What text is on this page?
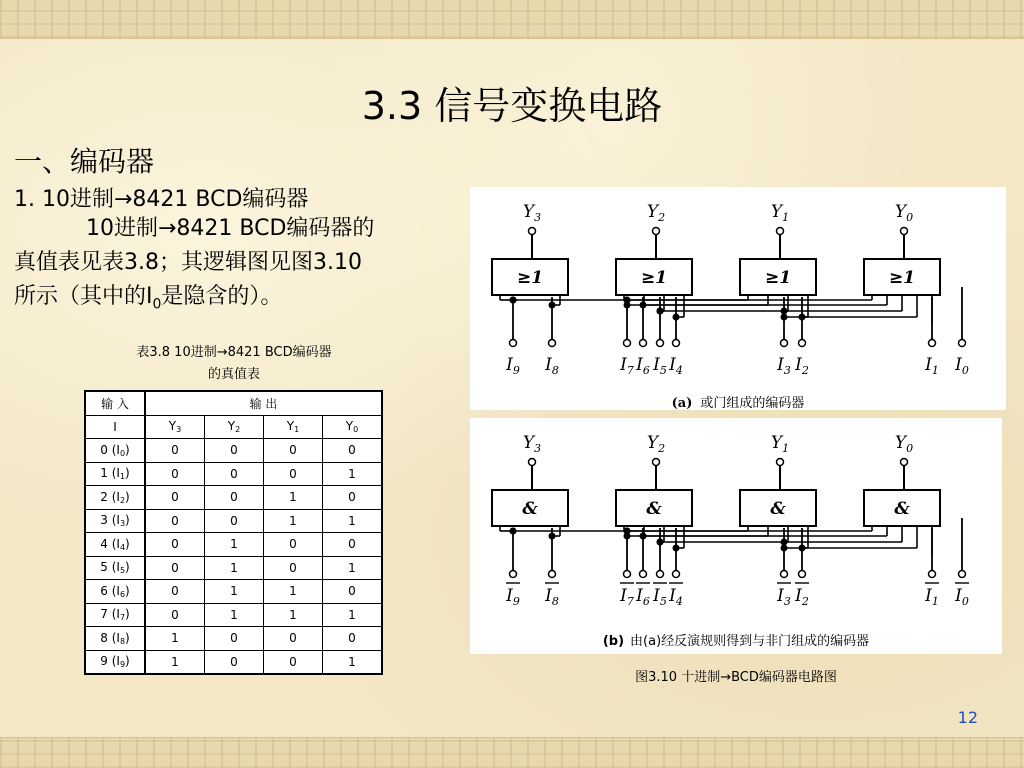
3.3 信号变换电路
一、编码器
1. 10进制→8421 BCD编码器
10进制→8421 BCD编码器的
真值表见表3.8；其逻辑图见图3.10
所示（其中的$I_0$是隐含的）。
表3.8 10进制→8421 BCD编码器
的真值表
输 入	输 出			
I	$Y_3$	$Y_2$	$Y_1$	$Y_0$
0 $(I_0)$	0	0	0	0
1 $(I_1)$	0	0	0	1
2 $(I_2)$	0	0	1	0
3 $(I_3)$	0	0	1	1
4 $(I_4)$	0	1	0	0
5 $(I_5)$	0	1	0	1
6 $(I_6)$	0	1	1	0
7 $(I_7)$	0	1	1	1
8 $(I_8)$	1	0	0	0
9 $(I_9)$	1	0	0	1
≥1
$Y_3$
≥1
$Y_2$
≥1
$Y_1$
≥1
$Y_0$
$I_9$ $I_8$	$I_7$ $I_6$ $I_5$ $I_4$	$I_3$ $I_2$	$I_1$ $I_0$
(a) 或门组成的编码器
&
$Y_3$
&
$Y_2$
&
$Y_1$
&
$Y_0$
$I_9$ $I_8$	$I_7$ $I_6$ $I_5$ $I_4$	$I_3$ $I_2$	$I_1$ $I_0$
(b) 由(a)经反演规则得到与非门组成的编码器
图3.10 十进制→BCD编码器电路图
12
